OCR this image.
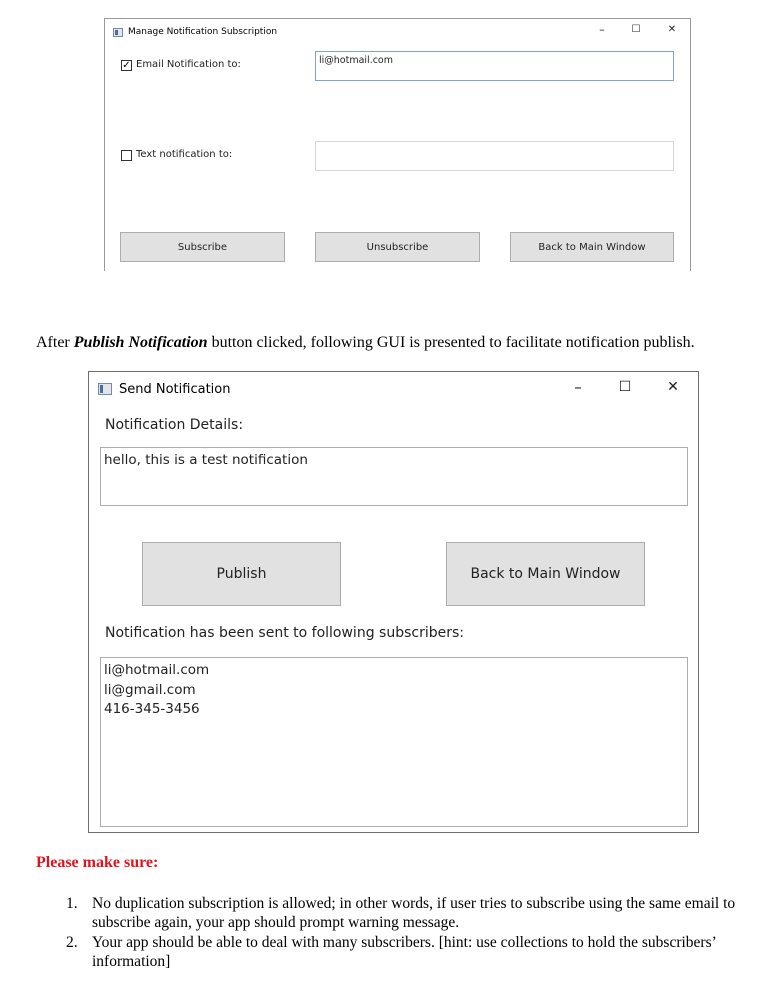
Manage Notification Subscription	–	☐	✕
✓ Email Notification to:	li@hotmail.com
Text notification to:
Subscribe	Unsubscribe	Back to Main Window
After Publish Notification button clicked, following GUI is presented to facilitate notification publish.
Send Notification	–	☐	✕
Notification Details:
hello, this is a test notification
Publish	Back to Main Window
Notification has been sent to following subscribers:
li@hotmail.com
li@gmail.com
416-345-3456
Please make sure:
1. No duplication subscription is allowed; in other words, if user tries to subscribe using the same email to subscribe again, your app should prompt warning message.
2. Your app should be able to deal with many subscribers. [hint: use collections to hold the subscribers’ information]
